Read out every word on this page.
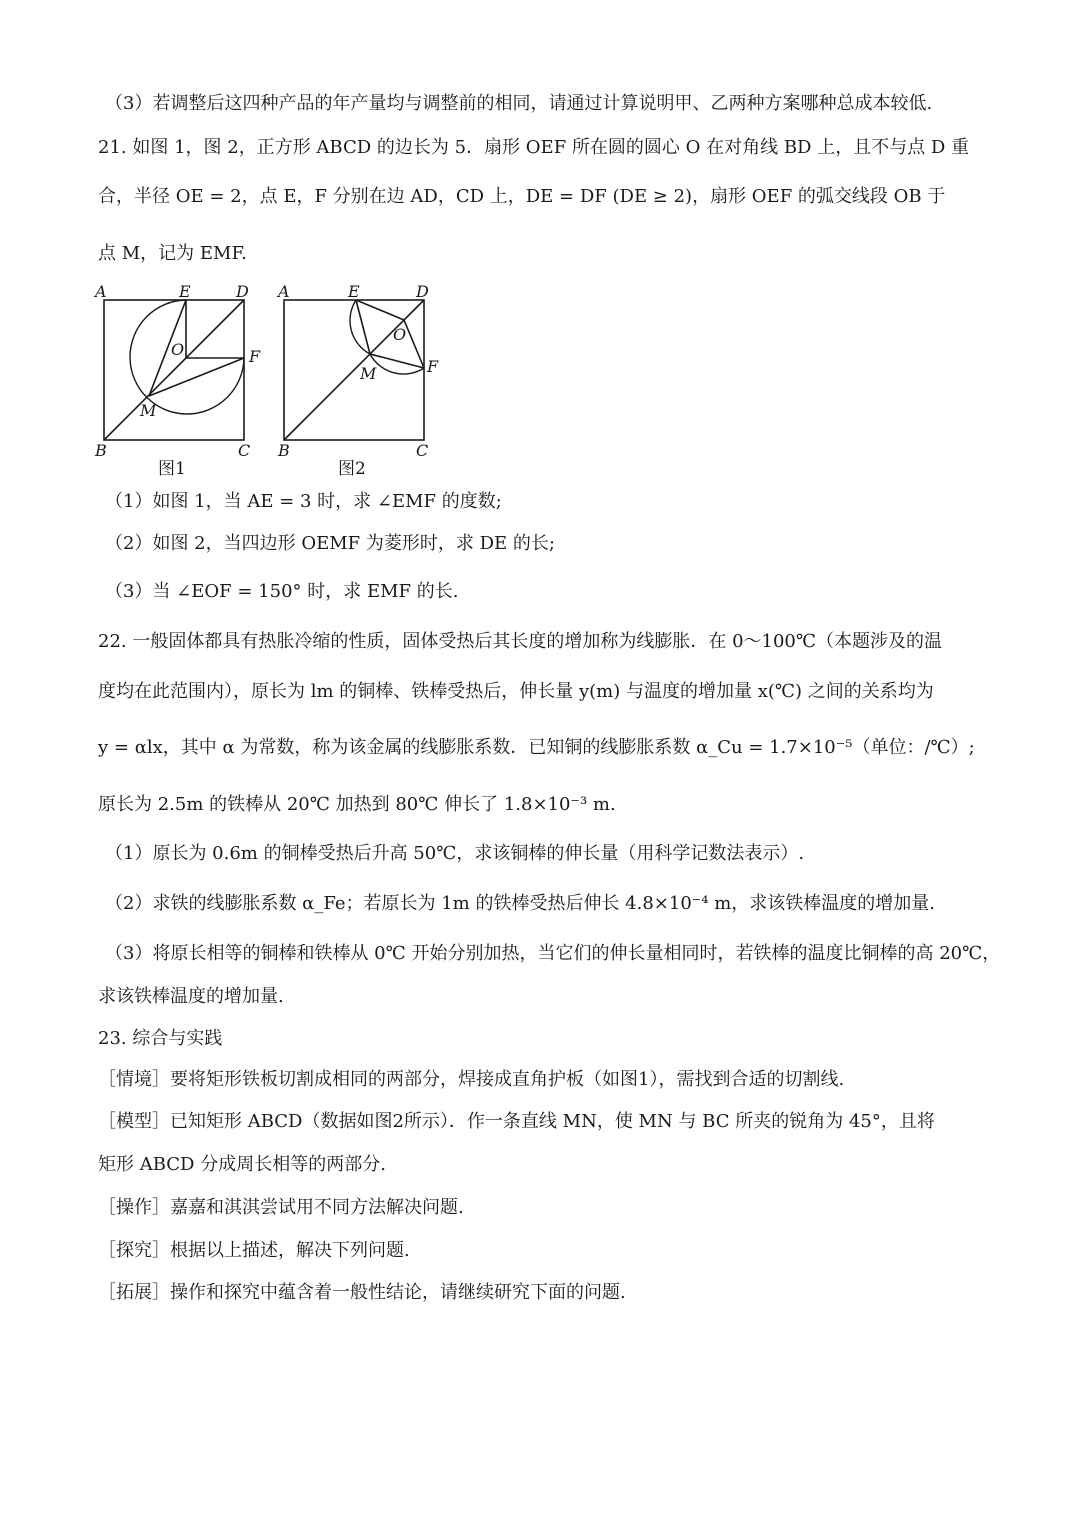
（3）若调整后这四种产品的年产量均与调整前的相同，请通过计算说明甲、乙两种方案哪种总成本较低.
21. 如图 1，图 2，正方形 ABCD 的边长为 5．扇形 OEF 所在圆的圆心 O 在对角线 BD 上，且不与点 D 重
合，半径 OE = 2，点 E，F 分别在边 AD，CD 上，DE = DF (DE ≥ 2)，扇形 OEF 的弧交线段 OB 于
点 M，记为 EMF.
A	E	D
O	F
M
B	C
A	E	D
O
F
M
B	C
图1	图2
（1）如图 1，当 AE = 3 时，求 ∠EMF 的度数;
（2）如图 2，当四边形 OEMF 为菱形时，求 DE 的长;
（3）当 ∠EOF = 150° 时，求 EMF 的长.
22. 一般固体都具有热胀冷缩的性质，固体受热后其长度的增加称为线膨胀．在 0～100℃（本题涉及的温
度均在此范围内），原长为 lm 的铜棒、铁棒受热后，伸长量 y(m) 与温度的增加量 x(℃) 之间的关系均为
y = αlx，其中 α 为常数，称为该金属的线膨胀系数．已知铜的线膨胀系数 α_Cu = 1.7×10⁻⁵（单位：/℃）;
原长为 2.5m 的铁棒从 20℃ 加热到 80℃ 伸长了 1.8×10⁻³ m.
（1）原长为 0.6m 的铜棒受热后升高 50℃，求该铜棒的伸长量（用科学记数法表示）.
（2）求铁的线膨胀系数 α_Fe；若原长为 1m 的铁棒受热后伸长 4.8×10⁻⁴ m，求该铁棒温度的增加量.
（3）将原长相等的铜棒和铁棒从 0℃ 开始分别加热，当它们的伸长量相同时，若铁棒的温度比铜棒的高 20℃，
求该铁棒温度的增加量.
23. 综合与实践
［情境］要将矩形铁板切割成相同的两部分，焊接成直角护板（如图1），需找到合适的切割线.
［模型］已知矩形 ABCD（数据如图2所示）．作一条直线 MN，使 MN 与 BC 所夹的锐角为 45°，且将
矩形 ABCD 分成周长相等的两部分.
［操作］嘉嘉和淇淇尝试用不同方法解决问题.
［探究］根据以上描述，解决下列问题.
［拓展］操作和探究中蕴含着一般性结论，请继续研究下面的问题.
